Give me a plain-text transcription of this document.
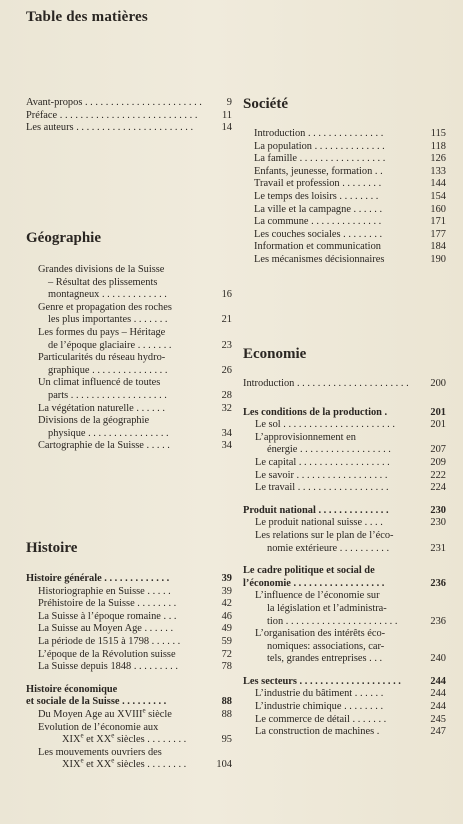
Table des matières
Avant-propos . . . . . . . . . . . . . . . . . . . . . . . 9
Préface . . . . . . . . . . . . . . . . . . . . . . . . . . . 11
Les auteurs . . . . . . . . . . . . . . . . . . . . . . .	14
Géographie
Grandes divisions de la Suisse
– Résultat des plissements
montagneux . . . . . . . . . . . . .	16
Genre et propagation des roches
les plus importantes . . . . . . .	21
Les formes du pays – Héritage
de l’époque glaciaire . . . . . . .	23
Particularités du réseau hydro-
graphique . . . . . . . . . . . . . . .	26
Un climat influencé de toutes
parts . . . . . . . . . . . . . . . . . . .	28
La végétation naturelle . . . . . .	32
Divisions de la géographie
physique . . . . . . . . . . . . . . . .	34
Cartographie de la Suisse . . . . .	34
Histoire
Histoire générale . . . . . . . . . . . . .	39
Historiographie en Suisse . . . . .	39
Préhistoire de la Suisse . . . . . . . .	42
La Suisse à l’époque romaine . . .	46
La Suisse au Moyen Age . . . . . .	49
La période de 1515 à 1798 . . . . . .	59
L’époque de la Révolution suisse	72
La Suisse depuis 1848 . . . . . . . . .	78
Histoire économique
et sociale de la Suisse . . . . . . . . .	88
Du Moyen Age au XVIIIe siècle	88
Evolution de l’économie aux
XIXe et XXe siècles . . . . . . . .	95
Les mouvements ouvriers des
XIXe et XXe siècles . . . . . . . .	104
Société
Introduction . . . . . . . . . . . . . . .	115
La population . . . . . . . . . . . . . .	118
La famille . . . . . . . . . . . . . . . . .	126
Enfants, jeunesse, formation . .	133
Travail et profession . . . . . . . .	144
Le temps des loisirs . . . . . . . .	154
La ville et la campagne . . . . . .	160
La commune . . . . . . . . . . . . . .	171
Les couches sociales . . . . . . . .	177
Information et communication	184
Les mécanismes décisionnaires	190
Economie
Introduction . . . . . . . . . . . . . . . . . . . . . . 200
Les conditions de la production .	201
Le sol . . . . . . . . . . . . . . . . . . . . . .	201
L’approvisionnement en
énergie . . . . . . . . . . . . . . . . . .	207
Le capital . . . . . . . . . . . . . . . . . .	209
Le savoir . . . . . . . . . . . . . . . . . .	222
Le travail . . . . . . . . . . . . . . . . . .	224
Produit national . . . . . . . . . . . . . .	230
Le produit national suisse . . . .	230
Les relations sur le plan de l’éco-
nomie extérieure . . . . . . . . . .	231
Le cadre politique et social de
l’économie . . . . . . . . . . . . . . . . . .	236
L’influence de l’économie sur
la législation et l’administra-
tion . . . . . . . . . . . . . . . . . . . . . .	236
L’organisation des intérêts éco-
nomiques: associations, car-
tels, grandes entreprises . . .	240
Les secteurs . . . . . . . . . . . . . . . . . . . .	244
L’industrie du bâtiment . . . . . .	244
L’industrie chimique . . . . . . . .	244
Le commerce de détail . . . . . . .	245
La construction de machines .	247
